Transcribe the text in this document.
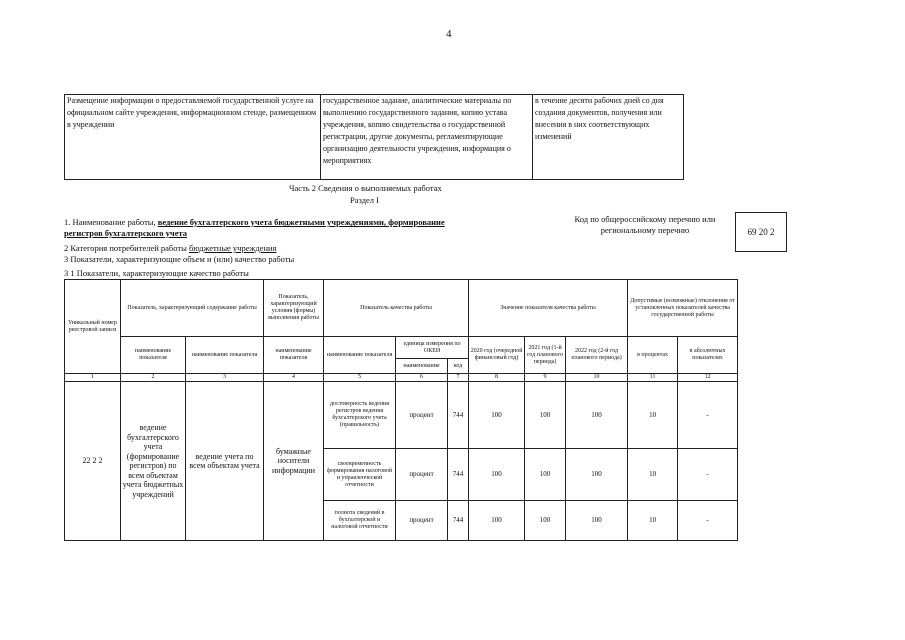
4
Размещение информации о предоставляемой государственной услуге на официальном сайте учреждения, информационном стенде, размещенном в учреждении	государственное задание, аналитические материалы по выполнению государственного задания, копию устава учреждения, копию свидетельства о государственной регистрации, другие документы, регламентирующие организацию деятельности учреждения, информация о мероприятиях	в течение десяти рабочих дней со дня создания документов, получения или внесения в них соответствующих изменений
Часть 2 Сведения о выполняемых работах
Раздел I
1. Наименование работы, ведение бухгалтерского учета бюджетными учреждениями, формирование регистров бухгалтерского учета
2 Категория потребителей работы бюджетные учреждения
3 Показатели, характеризующие объем и (или) качество работы
3 1 Показатели, характеризующие качество работы
Код по общероссийскому перечню или региональному перечню	69 20 2
Уникальный номер реестровой записи	Показатель, характеризующий содержание работы		Показатель, характеризующий условия (формы) выполнения работы	Показатель качества работы			Значение показателя качества работы			Допустимые (возможные) отклонения от установленных показателей качества государственной работы	
	наименование показателя	наименование показателя	наименование показателя	наименование показателя	единица измерения по ОКЕИ		2020 год (очередной финансовый год)	2021 год (1-й год планового периода)	2022 год (2-й год планового периода)	в процентах	в абсолютных показателях
					наименование	код					
1	2	3	4	5	6	7	8	9	10	11	12
22 2 2	ведение бухгалтерского учета (формирование регистров) по всем объектам учета бюджетных учреждений	ведение учета по всем объектам учета	бумажные носители информации	достоверность ведения регистров ведения бухгалтерского учета (правильность)	процент	744	100	100	100	10	-
				своевременность формирования налоговой и управленческой отчетности	процент	744	100	100	100	10	-
				полнота сведений в бухгалтерской и налоговой отчетности	процент	744	100	100	100	10	-
